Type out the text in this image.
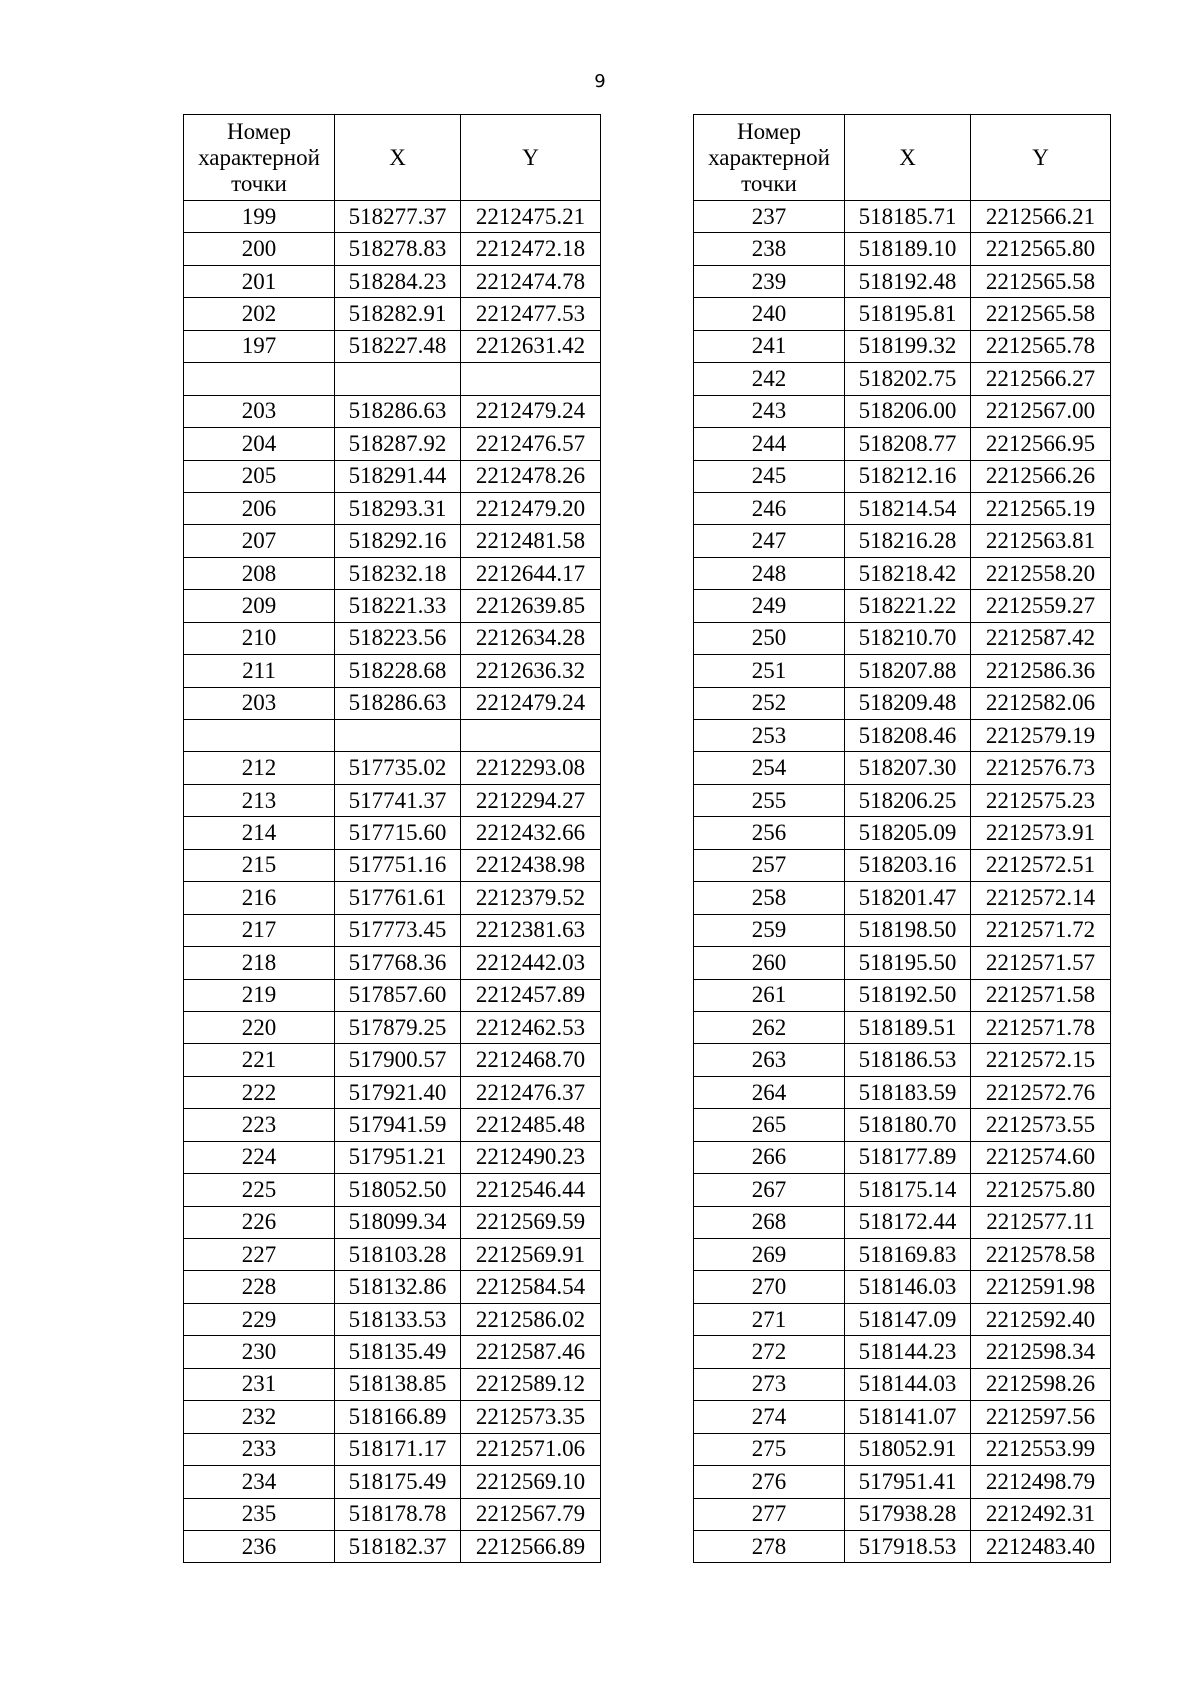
9
Номер
характерной
точки	X	Y
199	518277.37	2212475.21
200	518278.83	2212472.18
201	518284.23	2212474.78
202	518282.91	2212477.53
197	518227.48	2212631.42

203	518286.63	2212479.24
204	518287.92	2212476.57
205	518291.44	2212478.26
206	518293.31	2212479.20
207	518292.16	2212481.58
208	518232.18	2212644.17
209	518221.33	2212639.85
210	518223.56	2212634.28
211	518228.68	2212636.32
203	518286.63	2212479.24

212	517735.02	2212293.08
213	517741.37	2212294.27
214	517715.60	2212432.66
215	517751.16	2212438.98
216	517761.61	2212379.52
217	517773.45	2212381.63
218	517768.36	2212442.03
219	517857.60	2212457.89
220	517879.25	2212462.53
221	517900.57	2212468.70
222	517921.40	2212476.37
223	517941.59	2212485.48
224	517951.21	2212490.23
225	518052.50	2212546.44
226	518099.34	2212569.59
227	518103.28	2212569.91
228	518132.86	2212584.54
229	518133.53	2212586.02
230	518135.49	2212587.46
231	518138.85	2212589.12
232	518166.89	2212573.35
233	518171.17	2212571.06
234	518175.49	2212569.10
235	518178.78	2212567.79
236	518182.37	2212566.89
Номер
характерной
точки	X	Y
237	518185.71	2212566.21
238	518189.10	2212565.80
239	518192.48	2212565.58
240	518195.81	2212565.58
241	518199.32	2212565.78
242	518202.75	2212566.27
243	518206.00	2212567.00
244	518208.77	2212566.95
245	518212.16	2212566.26
246	518214.54	2212565.19
247	518216.28	2212563.81
248	518218.42	2212558.20
249	518221.22	2212559.27
250	518210.70	2212587.42
251	518207.88	2212586.36
252	518209.48	2212582.06
253	518208.46	2212579.19
254	518207.30	2212576.73
255	518206.25	2212575.23
256	518205.09	2212573.91
257	518203.16	2212572.51
258	518201.47	2212572.14
259	518198.50	2212571.72
260	518195.50	2212571.57
261	518192.50	2212571.58
262	518189.51	2212571.78
263	518186.53	2212572.15
264	518183.59	2212572.76
265	518180.70	2212573.55
266	518177.89	2212574.60
267	518175.14	2212575.80
268	518172.44	2212577.11
269	518169.83	2212578.58
270	518146.03	2212591.98
271	518147.09	2212592.40
272	518144.23	2212598.34
273	518144.03	2212598.26
274	518141.07	2212597.56
275	518052.91	2212553.99
276	517951.41	2212498.79
277	517938.28	2212492.31
278	517918.53	2212483.40
